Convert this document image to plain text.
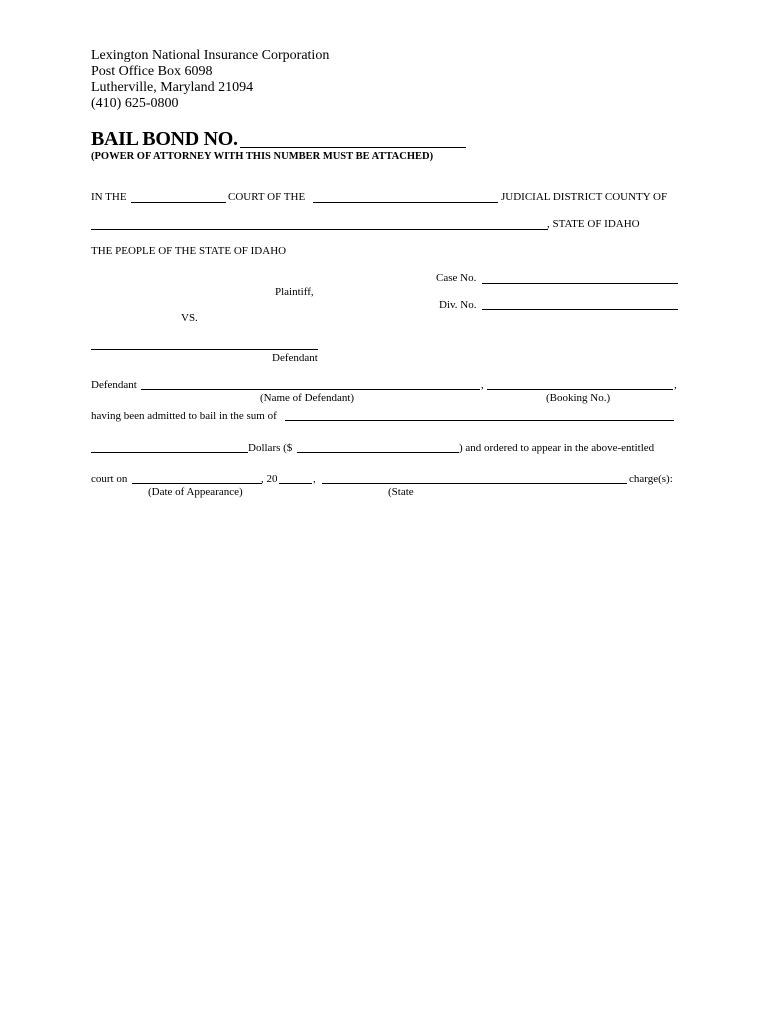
Lexington National Insurance Corporation
Post Office Box 6098
Lutherville, Maryland 21094
(410) 625-0800
BAIL BOND NO.
(POWER OF ATTORNEY WITH THIS NUMBER MUST BE ATTACHED)
IN THE	COURT OF THE	JUDICIAL DISTRICT COUNTY OF
, STATE OF IDAHO
THE PEOPLE OF THE STATE OF IDAHO
Case No.
Plaintiff,
Div. No.
VS.
Defendant
Defendant	,	,
(Name of Defendant)	(Booking No.)
having been admitted to bail in the sum of
Dollars ($	) and ordered to appear in the above-entitled
court on	, 20	,	charge(s):
(Date of Appearance)	(State
